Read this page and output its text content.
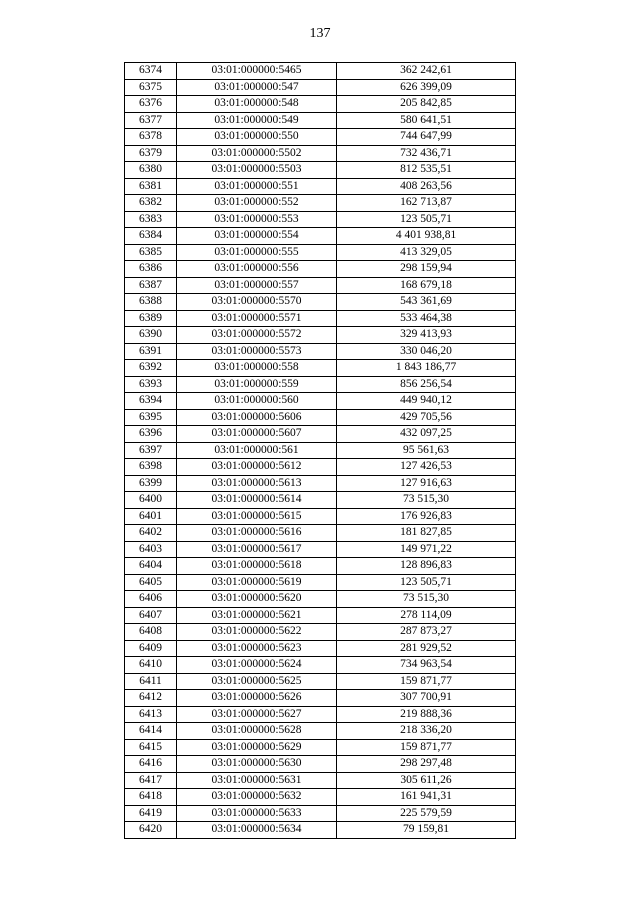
137
6374	03:01:000000:5465	362 242,61
6375	03:01:000000:547	626 399,09
6376	03:01:000000:548	205 842,85
6377	03:01:000000:549	580 641,51
6378	03:01:000000:550	744 647,99
6379	03:01:000000:5502	732 436,71
6380	03:01:000000:5503	812 535,51
6381	03:01:000000:551	408 263,56
6382	03:01:000000:552	162 713,87
6383	03:01:000000:553	123 505,71
6384	03:01:000000:554	4 401 938,81
6385	03:01:000000:555	413 329,05
6386	03:01:000000:556	298 159,94
6387	03:01:000000:557	168 679,18
6388	03:01:000000:5570	543 361,69
6389	03:01:000000:5571	533 464,38
6390	03:01:000000:5572	329 413,93
6391	03:01:000000:5573	330 046,20
6392	03:01:000000:558	1 843 186,77
6393	03:01:000000:559	856 256,54
6394	03:01:000000:560	449 940,12
6395	03:01:000000:5606	429 705,56
6396	03:01:000000:5607	432 097,25
6397	03:01:000000:561	95 561,63
6398	03:01:000000:5612	127 426,53
6399	03:01:000000:5613	127 916,63
6400	03:01:000000:5614	73 515,30
6401	03:01:000000:5615	176 926,83
6402	03:01:000000:5616	181 827,85
6403	03:01:000000:5617	149 971,22
6404	03:01:000000:5618	128 896,83
6405	03:01:000000:5619	123 505,71
6406	03:01:000000:5620	73 515,30
6407	03:01:000000:5621	278 114,09
6408	03:01:000000:5622	287 873,27
6409	03:01:000000:5623	281 929,52
6410	03:01:000000:5624	734 963,54
6411	03:01:000000:5625	159 871,77
6412	03:01:000000:5626	307 700,91
6413	03:01:000000:5627	219 888,36
6414	03:01:000000:5628	218 336,20
6415	03:01:000000:5629	159 871,77
6416	03:01:000000:5630	298 297,48
6417	03:01:000000:5631	305 611,26
6418	03:01:000000:5632	161 941,31
6419	03:01:000000:5633	225 579,59
6420	03:01:000000:5634	79 159,81
